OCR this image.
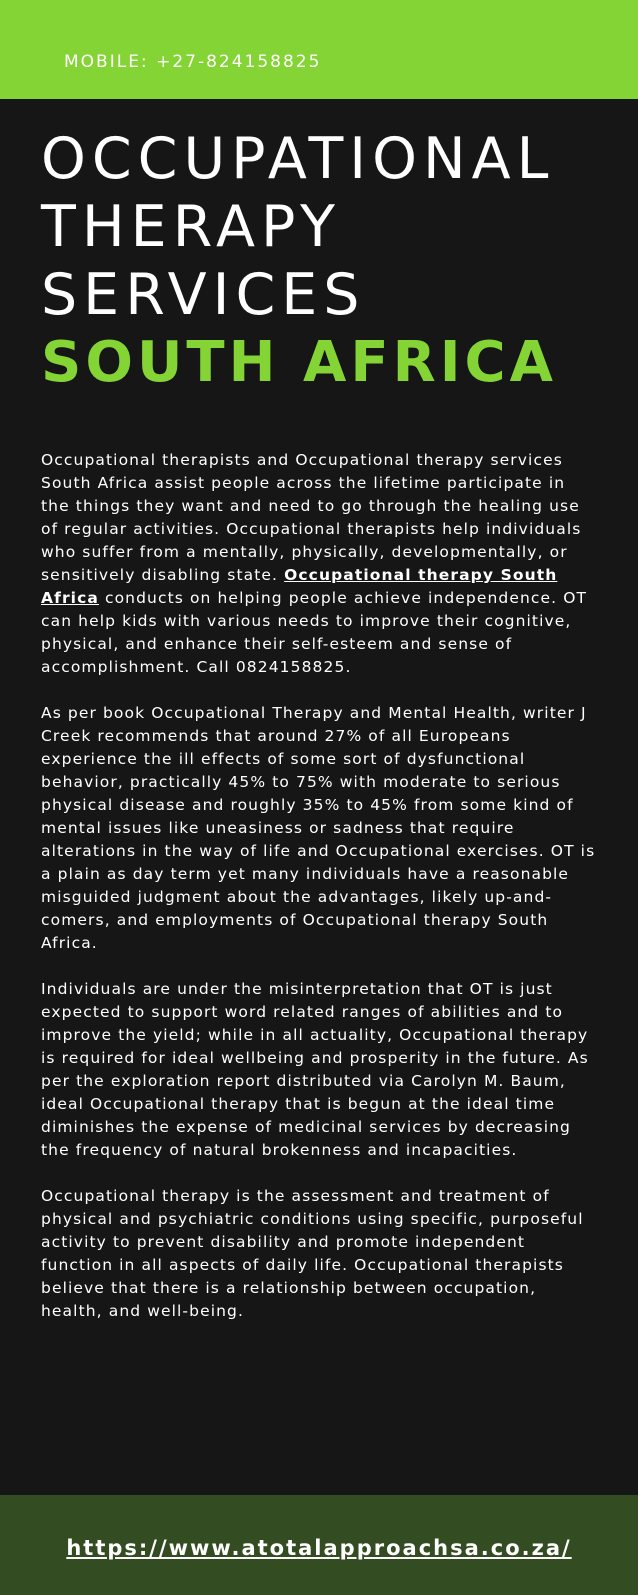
MOBILE: +27-824158825
OCCUPATIONAL
THERAPY
SERVICES
SOUTH AFRICA

Occupational therapists and Occupational therapy services South Africa assist people across the lifetime participate in the things they want and need to go through the healing use of regular activities. Occupational therapists help individuals who suffer from a mentally, physically, developmentally, or sensitively disabling state. Occupational therapy South Africa conducts on helping people achieve independence. OT can help kids with various needs to improve their cognitive, physical, and enhance their self-esteem and sense of accomplishment. Call 0824158825.

As per book Occupational Therapy and Mental Health, writer J Creek recommends that around 27% of all Europeans experience the ill effects of some sort of dysfunctional behavior, practically 45% to 75% with moderate to serious physical disease and roughly 35% to 45% from some kind of mental issues like uneasiness or sadness that require alterations in the way of life and Occupational exercises. OT is a plain as day term yet many individuals have a reasonable misguided judgment about the advantages, likely up-and-comers, and employments of Occupational therapy South Africa.

Individuals are under the misinterpretation that OT is just expected to support word related ranges of abilities and to improve the yield; while in all actuality, Occupational therapy is required for ideal wellbeing and prosperity in the future. As per the exploration report distributed via Carolyn M. Baum, ideal Occupational therapy that is begun at the ideal time diminishes the expense of medicinal services by decreasing the frequency of natural brokenness and incapacities.

Occupational therapy is the assessment and treatment of physical and psychiatric conditions using specific, purposeful activity to prevent disability and promote independent function in all aspects of daily life. Occupational therapists believe that there is a relationship between occupation, health, and well-being.

https://www.atotalapproachsa.co.za/
